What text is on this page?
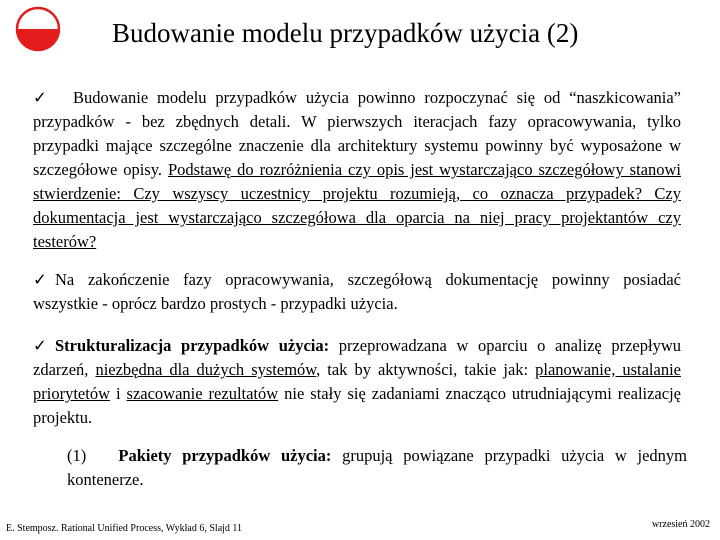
Budowanie modelu przypadków użycia (2)

✓ Budowanie modelu przypadków użycia powinno rozpoczynać się od “naszkicowania” przypadków - bez zbędnych detali. W pierwszych iteracjach fazy opracowywania, tylko przypadki mające szczególne znaczenie dla architektury systemu powinny być wyposażone w szczegółowe opisy. Podstawę do rozróżnienia czy opis jest wystarczająco szczegółowy stanowi stwierdzenie: Czy wszyscy uczestnicy projektu rozumieją, co oznacza przypadek? Czy dokumentacja jest wystarczająco szczegółowa dla oparcia na niej pracy projektantów czy testerów?

✓ Na zakończenie fazy opracowywania, szczegółową dokumentację powinny posiadać wszystkie - oprócz bardzo prostych - przypadki użycia.

✓ Strukturalizacja przypadków użycia: przeprowadzana w oparciu o analizę przepływu zdarzeń, niezbędna dla dużych systemów, tak by aktywności, takie jak: planowanie, ustalanie priorytetów i szacowanie rezultatów nie stały się zadaniami znacząco utrudniającymi realizację projektu.

(1) Pakiety przypadków użycia: grupują powiązane przypadki użycia w jednym kontenerze.

E. Stemposz. Rational Unified Process, Wykład 6, Slajd 11	wrzesień 2002
